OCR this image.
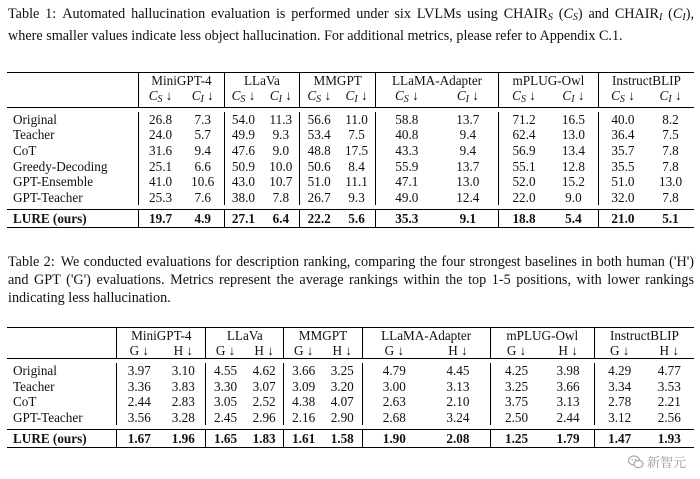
Table 1: Automated hallucination evaluation is performed under six LVLMs using $CHAIR_S$ $(C_S)$ and $CHAIR_I$ $(C_I)$, where smaller values indicate less object hallucination. For additional metrics, please refer to Appendix C.1.
	MiniGPT-4		LLaVa		MMGPT		LLaMA-Adapter		mPLUG-Owl		InstructBLIP	
	$C_S$ ↓	$C_I$ ↓	$C_S$ ↓	$C_I$ ↓	$C_S$ ↓	$C_I$ ↓	$C_S$ ↓	$C_I$ ↓	$C_S$ ↓	$C_I$ ↓	$C_S$ ↓	$C_I$ ↓

Original	26.8	7.3	54.0	11.3	56.6	11.0	58.8	13.7	71.2	16.5	40.0	8.2
Teacher	24.0	5.7	49.9	9.3	53.4	7.5	40.8	9.4	62.4	13.0	36.4	7.5
CoT	31.6	9.4	47.6	9.0	48.8	17.5	43.3	9.4	56.9	13.4	35.7	7.8
Greedy-Decoding	25.1	6.6	50.9	10.0	50.6	8.4	55.9	13.7	55.1	12.8	35.5	7.8
GPT-Ensemble	41.0	10.6	43.0	10.7	51.0	11.1	47.1	13.0	52.0	15.2	51.0	13.0
GPT-Teacher	25.3	7.6	38.0	7.8	26.7	9.3	49.0	12.4	22.0	9.0	32.0	7.8

LURE (ours)	19.7	4.9	27.1	6.4	22.2	5.6	35.3	9.1	18.8	5.4	21.0	5.1
Table 2: We conducted evaluations for description ranking, comparing the four strongest baselines in both human ('H') and GPT ('G') evaluations. Metrics represent the average rankings within the top 1-5 positions, with lower rankings indicating less hallucination.
	MiniGPT-4		LLaVa		MMGPT		LLaMA-Adapter		mPLUG-Owl		InstructBLIP	
	G ↓	H ↓	G ↓	H ↓	G ↓	H ↓	G ↓	H ↓	G ↓	H ↓	G ↓	H ↓

Original	3.97	3.10	4.55	4.62	3.66	3.25	4.79	4.45	4.25	3.98	4.29	4.77
Teacher	3.36	3.83	3.30	3.07	3.09	3.20	3.00	3.13	3.25	3.66	3.34	3.53
CoT	2.44	2.83	3.05	2.52	4.38	4.07	2.63	2.10	3.75	3.13	2.78	2.21
GPT-Teacher	3.56	3.28	2.45	2.96	2.16	2.90	2.68	3.24	2.50	2.44	3.12	2.56

LURE (ours)	1.67	1.96	1.65	1.83	1.61	1.58	1.90	2.08	1.25	1.79	1.47	1.93
新智元
